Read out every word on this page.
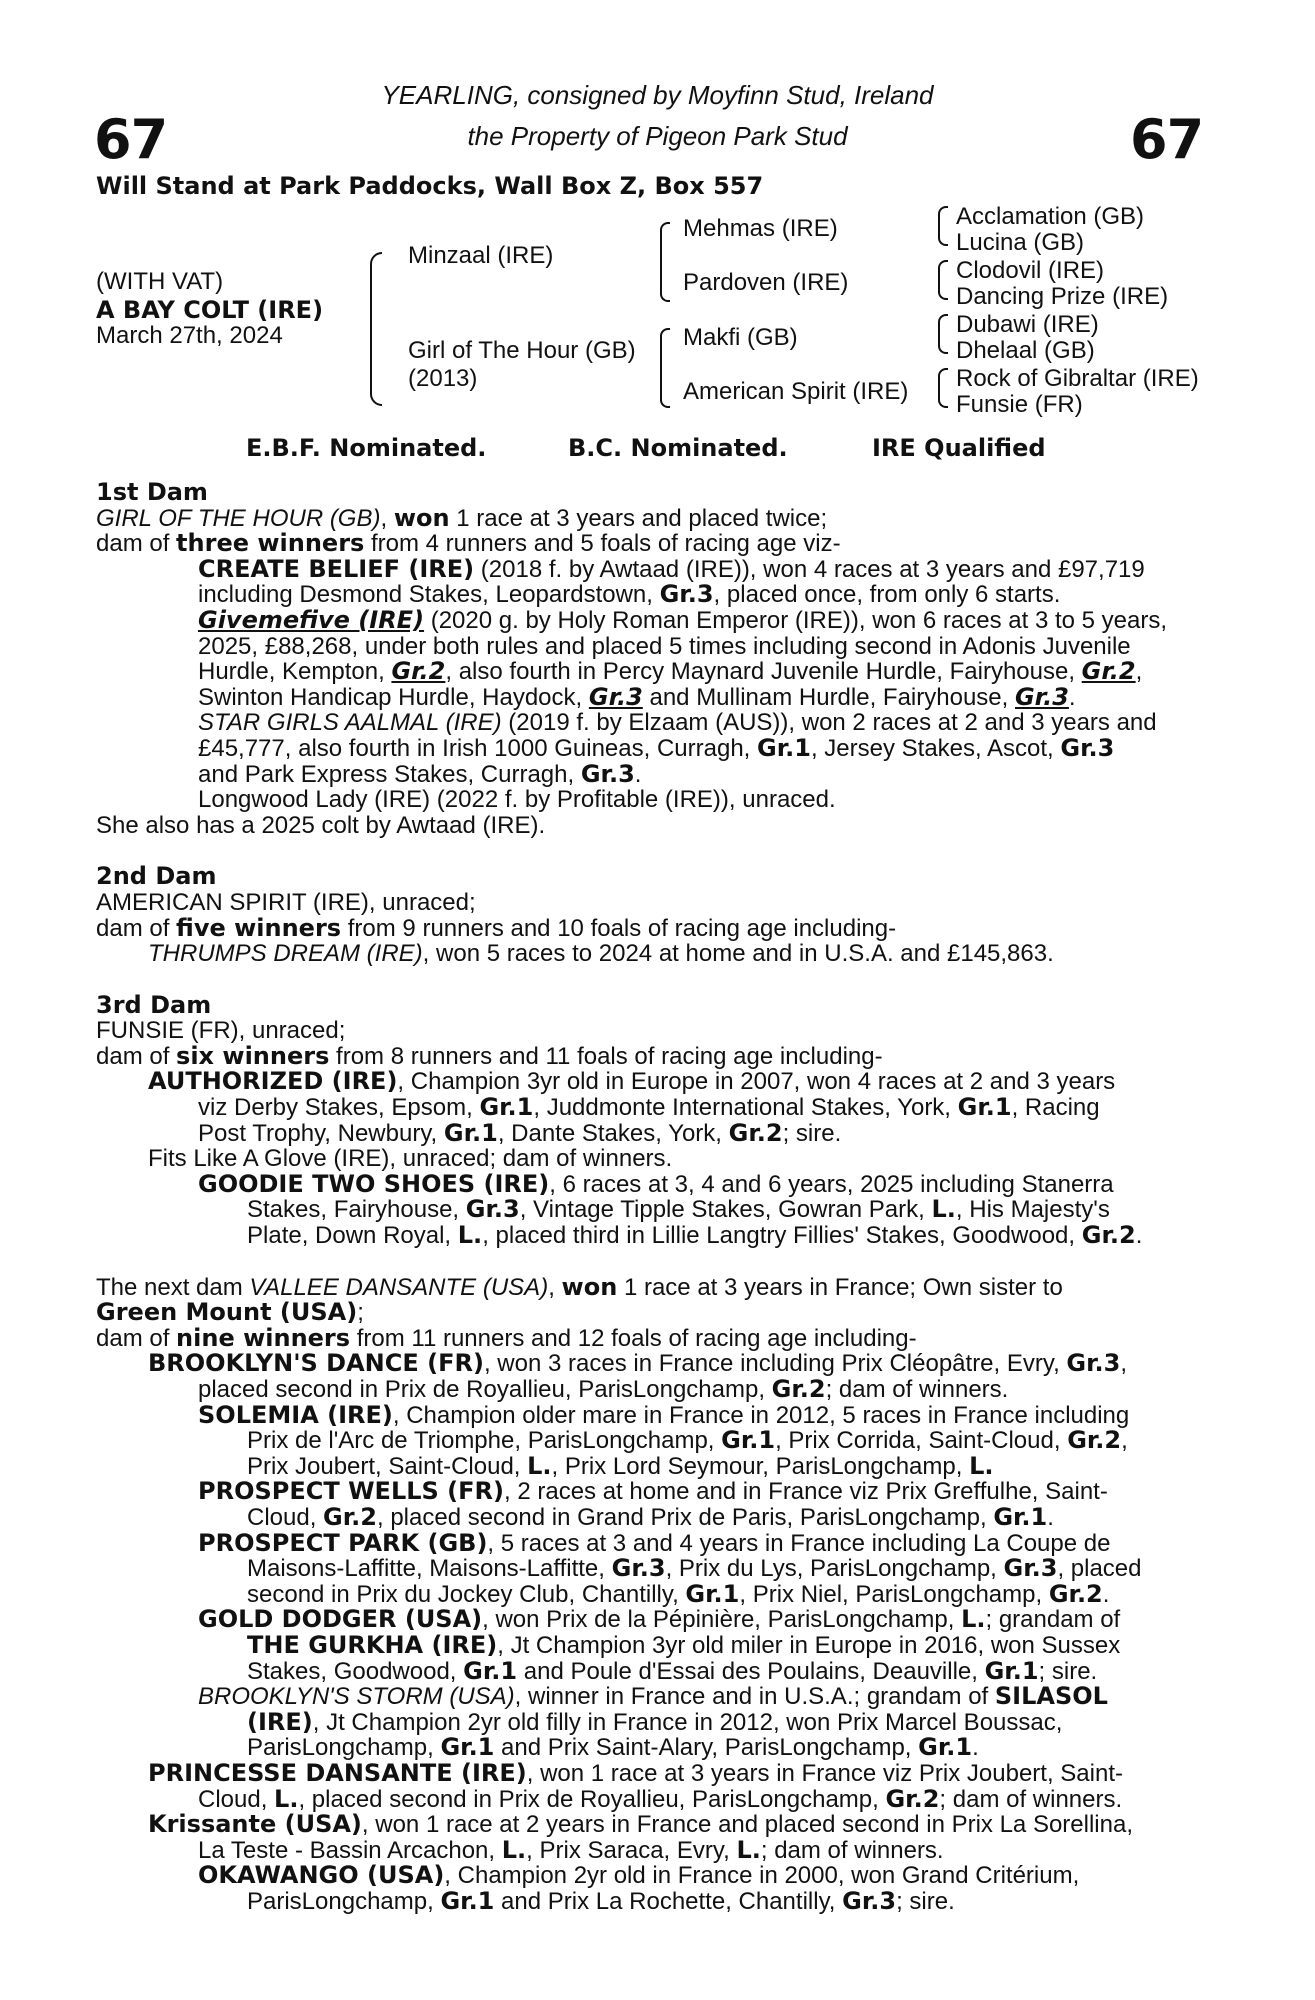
67	67
YEARLING, consigned by Moyfinn Stud, Ireland
the Property of Pigeon Park Stud
Will Stand at Park Paddocks, Wall Box Z, Box 557
(WITH VAT)
A BAY COLT (IRE)
March 27th, 2024
Minzaal (IRE)
Girl of The Hour (GB)
(2013)
Mehmas (IRE)
Pardoven (IRE)
Makfi (GB)
American Spirit (IRE)
Acclamation (GB)
Lucina (GB)
Clodovil (IRE)
Dancing Prize (IRE)
Dubawi (IRE)
Dhelaal (GB)
Rock of Gibraltar (IRE)
Funsie (FR)
E.B.F. Nominated.	B.C. Nominated.	IRE Qualified
1st Dam
GIRL OF THE HOUR (GB), won 1 race at 3 years and placed twice;
dam of three winners from 4 runners and 5 foals of racing age viz-
CREATE BELIEF (IRE) (2018 f. by Awtaad (IRE)), won 4 races at 3 years and £97,719
including Desmond Stakes, Leopardstown, Gr.3, placed once, from only 6 starts.
Givemefive (IRE) (2020 g. by Holy Roman Emperor (IRE)), won 6 races at 3 to 5 years,
2025, £88,268, under both rules and placed 5 times including second in Adonis Juvenile
Hurdle, Kempton, Gr.2, also fourth in Percy Maynard Juvenile Hurdle, Fairyhouse, Gr.2,
Swinton Handicap Hurdle, Haydock, Gr.3 and Mullinam Hurdle, Fairyhouse, Gr.3.
STAR GIRLS AALMAL (IRE) (2019 f. by Elzaam (AUS)), won 2 races at 2 and 3 years and
£45,777, also fourth in Irish 1000 Guineas, Curragh, Gr.1, Jersey Stakes, Ascot, Gr.3
and Park Express Stakes, Curragh, Gr.3.
Longwood Lady (IRE) (2022 f. by Profitable (IRE)), unraced.
She also has a 2025 colt by Awtaad (IRE).
2nd Dam
AMERICAN SPIRIT (IRE), unraced;
dam of five winners from 9 runners and 10 foals of racing age including-
THRUMPS DREAM (IRE), won 5 races to 2024 at home and in U.S.A. and £145,863.
3rd Dam
FUNSIE (FR), unraced;
dam of six winners from 8 runners and 11 foals of racing age including-
AUTHORIZED (IRE), Champion 3yr old in Europe in 2007, won 4 races at 2 and 3 years
viz Derby Stakes, Epsom, Gr.1, Juddmonte International Stakes, York, Gr.1, Racing
Post Trophy, Newbury, Gr.1, Dante Stakes, York, Gr.2; sire.
Fits Like A Glove (IRE), unraced; dam of winners.
GOODIE TWO SHOES (IRE), 6 races at 3, 4 and 6 years, 2025 including Stanerra
Stakes, Fairyhouse, Gr.3, Vintage Tipple Stakes, Gowran Park, L., His Majesty's
Plate, Down Royal, L., placed third in Lillie Langtry Fillies' Stakes, Goodwood, Gr.2.
The next dam VALLEE DANSANTE (USA), won 1 race at 3 years in France; Own sister to
Green Mount (USA);
dam of nine winners from 11 runners and 12 foals of racing age including-
BROOKLYN'S DANCE (FR), won 3 races in France including Prix Cléopâtre, Evry, Gr.3,
placed second in Prix de Royallieu, ParisLongchamp, Gr.2; dam of winners.
SOLEMIA (IRE), Champion older mare in France in 2012, 5 races in France including
Prix de l'Arc de Triomphe, ParisLongchamp, Gr.1, Prix Corrida, Saint-Cloud, Gr.2,
Prix Joubert, Saint-Cloud, L., Prix Lord Seymour, ParisLongchamp, L.
PROSPECT WELLS (FR), 2 races at home and in France viz Prix Greffulhe, Saint-
Cloud, Gr.2, placed second in Grand Prix de Paris, ParisLongchamp, Gr.1.
PROSPECT PARK (GB), 5 races at 3 and 4 years in France including La Coupe de
Maisons-Laffitte, Maisons-Laffitte, Gr.3, Prix du Lys, ParisLongchamp, Gr.3, placed
second in Prix du Jockey Club, Chantilly, Gr.1, Prix Niel, ParisLongchamp, Gr.2.
GOLD DODGER (USA), won Prix de la Pépinière, ParisLongchamp, L.; grandam of
THE GURKHA (IRE), Jt Champion 3yr old miler in Europe in 2016, won Sussex
Stakes, Goodwood, Gr.1 and Poule d'Essai des Poulains, Deauville, Gr.1; sire.
BROOKLYN'S STORM (USA), winner in France and in U.S.A.; grandam of SILASOL
(IRE), Jt Champion 2yr old filly in France in 2012, won Prix Marcel Boussac,
ParisLongchamp, Gr.1 and Prix Saint-Alary, ParisLongchamp, Gr.1.
PRINCESSE DANSANTE (IRE), won 1 race at 3 years in France viz Prix Joubert, Saint-
Cloud, L., placed second in Prix de Royallieu, ParisLongchamp, Gr.2; dam of winners.
Krissante (USA), won 1 race at 2 years in France and placed second in Prix La Sorellina,
La Teste - Bassin Arcachon, L., Prix Saraca, Evry, L.; dam of winners.
OKAWANGO (USA), Champion 2yr old in France in 2000, won Grand Critérium,
ParisLongchamp, Gr.1 and Prix La Rochette, Chantilly, Gr.3; sire.
